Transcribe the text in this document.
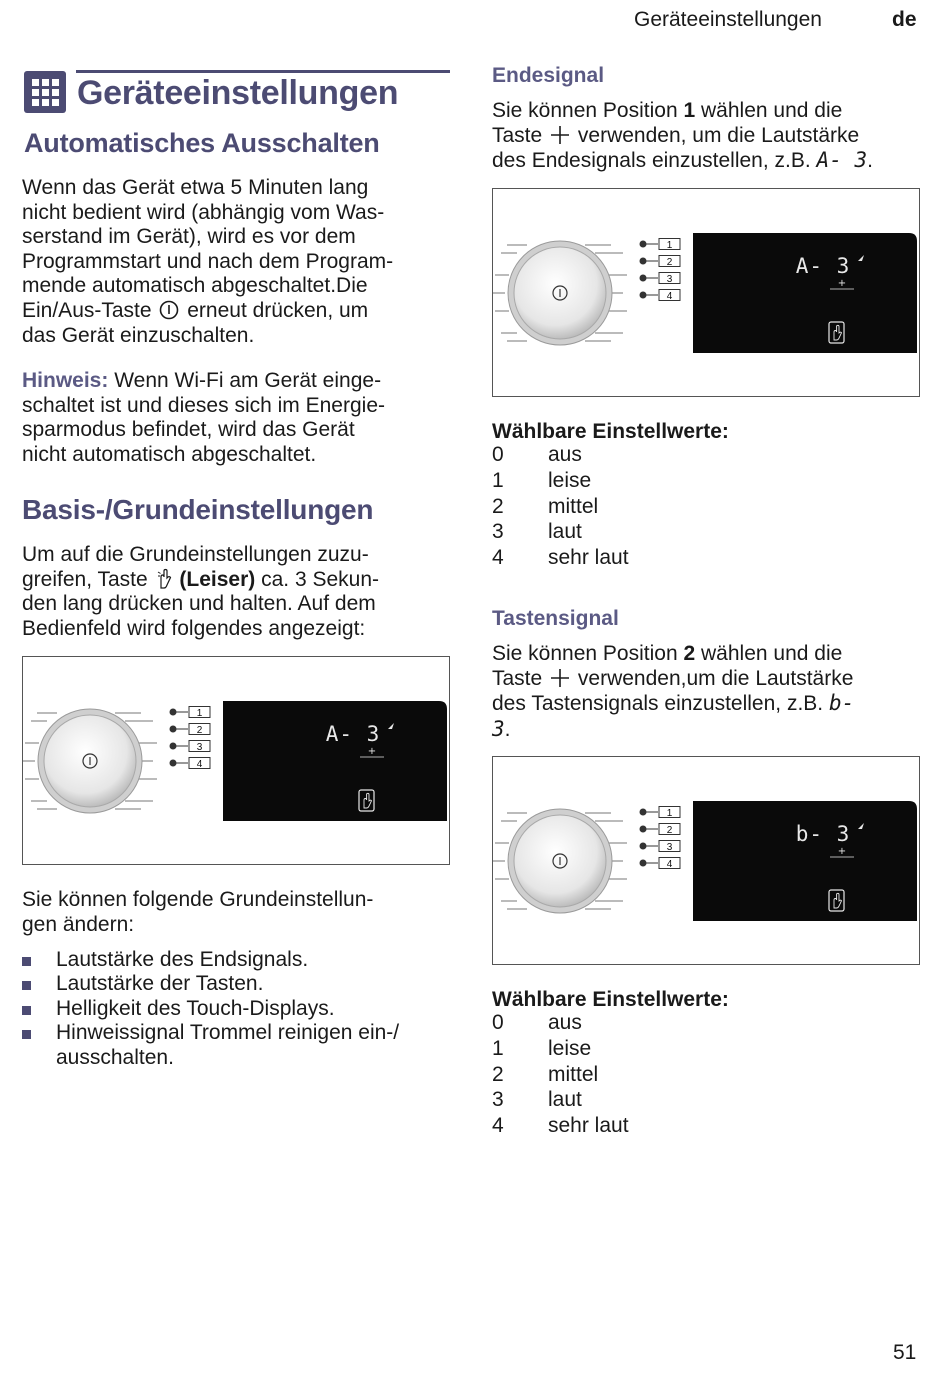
Geräteeinstellungen	de
Geräteeinstellungen
Automatisches Ausschalten

Wenn das Gerät etwa 5 Minuten lang

nicht bedient wird (abhängig vom Was-

serstand im Gerät), wird es vor dem

Programmstart und nach dem Program-

mende automatisch abgeschaltet.Die

Ein/Aus-Taste erneut drücken, um

das Gerät einzuschalten.

Hinweis: Wenn Wi-Fi am Gerät einge-

schaltet ist und dieses sich im Energie-

sparmodus befindet, wird das Gerät

nicht automatisch abgeschaltet.

Basis-/Grundeinstellungen

Um auf die Grundeinstellungen zuzu-

greifen, Taste (Leiser) ca. 3 Sekun-

den lang drücken und halten. Auf dem

Bedienfeld wird folgendes angezeigt:

1
2
3
4
A- 3
+

Sie können folgende Grundeinstellun-

gen ändern:

Lautstärke des Endsignals.
Lautstärke der Tasten.
Helligkeit des Touch-Displays.
Hinweissignal Trommel reinigen ein-/
ausschalten.
Endesignal

Sie können Position 1 wählen und die

Taste verwenden, um die Lautstärke

des Endesignals einzustellen, z.B. A- 3.

1
2
3
4
A- 3
+
Wählbare Einstellwerte:
0 aus
1 leise
2 mittel
3 laut
4 sehr laut
Tastensignal

Sie können Position 2 wählen und die

Taste verwenden,um die Lautstärke

des Tastensignals einzustellen, z.B. b-

3.

1
2
3
4
b- 3
+
Wählbare Einstellwerte:
0 aus
1 leise
2 mittel
3 laut
4 sehr laut
51
